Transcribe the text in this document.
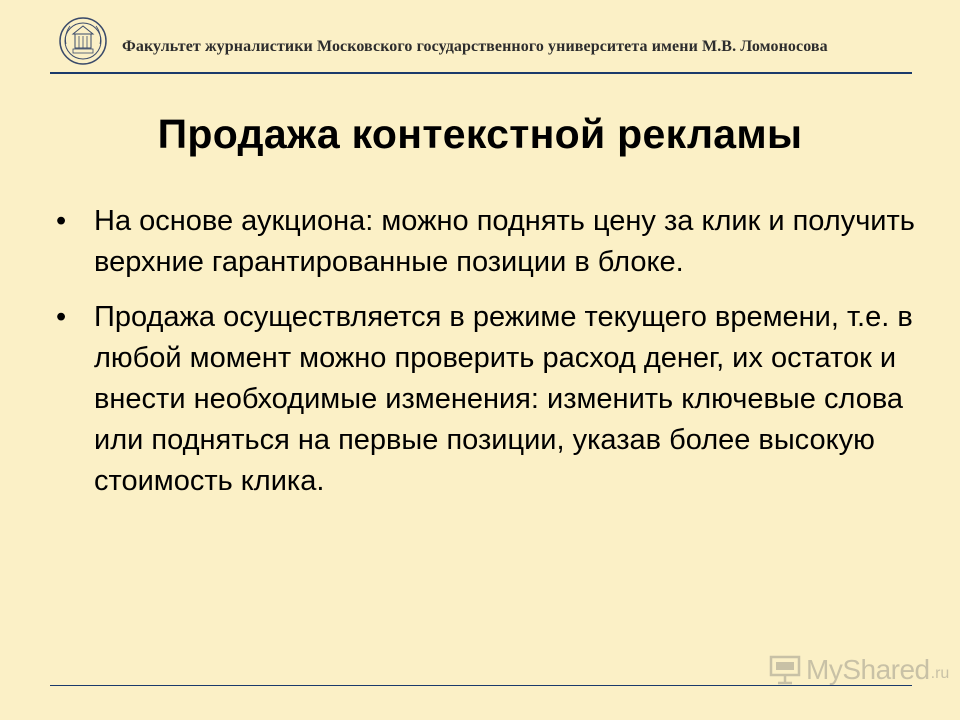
Факультет журналистики Московского государственного университета имени М.В. Ломоносова
Продажа контекстной рекламы
• На основе аукциона: можно поднять цену за клик и получить верхние гарантированные позиции в блоке.
• Продажа осуществляется в режиме текущего времени, т.е. в любой момент можно проверить расход денег, их остаток и внести необходимые изменения: изменить ключевые слова или подняться на первые позиции, указав более высокую стоимость клика.
MyShared .ru
